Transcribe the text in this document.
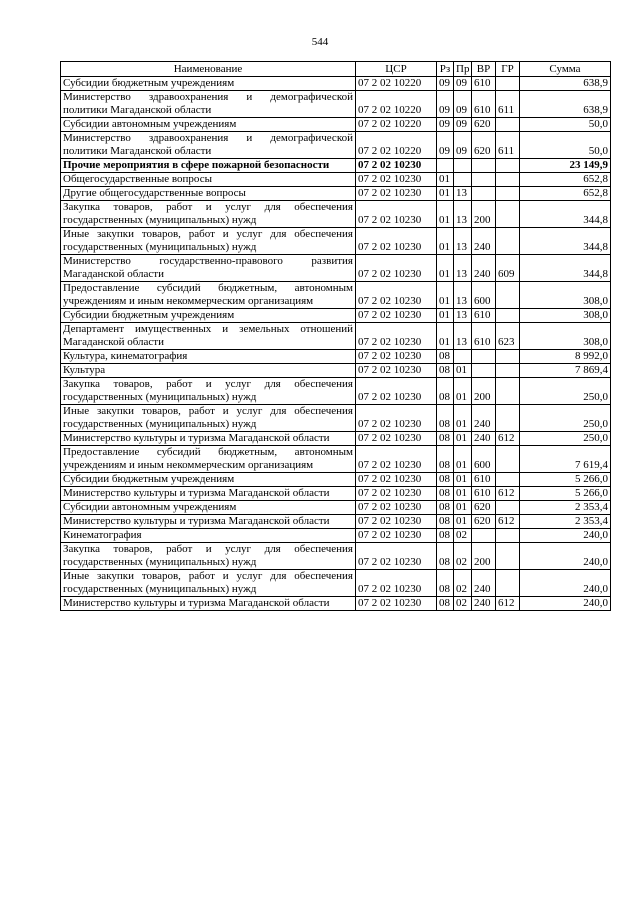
544
Наименование	ЦСР	Рз	Пр	ВР	ГР	Сумма
Субсидии бюджетным учреждениям	07 2 02 10220	09	09	610		638,9
Министерство здравоохранения и демографической политики Магаданской области	07 2 02 10220	09	09	610	611	638,9
Субсидии автономным учреждениям	07 2 02 10220	09	09	620		50,0
Министерство здравоохранения и демографической политики Магаданской области	07 2 02 10220	09	09	620	611	50,0
Прочие мероприятия в сфере пожарной безопасности	07 2 02 10230					23 149,9
Общегосударственные вопросы	07 2 02 10230	01				652,8
Другие общегосударственные вопросы	07 2 02 10230	01	13			652,8
Закупка товаров, работ и услуг для обеспечения государственных (муниципальных) нужд	07 2 02 10230	01	13	200		344,8
Иные закупки товаров, работ и услуг для обеспечения государственных (муниципальных) нужд	07 2 02 10230	01	13	240		344,8
Министерство государственно-правового развития Магаданской области	07 2 02 10230	01	13	240	609	344,8
Предоставление субсидий бюджетным, автономным учреждениям и иным некоммерческим организациям	07 2 02 10230	01	13	600		308,0
Субсидии бюджетным учреждениям	07 2 02 10230	01	13	610		308,0
Департамент имущественных и земельных отношений Магаданской области	07 2 02 10230	01	13	610	623	308,0
Культура, кинематография	07 2 02 10230	08				8 992,0
Культура	07 2 02 10230	08	01			7 869,4
Закупка товаров, работ и услуг для обеспечения государственных (муниципальных) нужд	07 2 02 10230	08	01	200		250,0
Иные закупки товаров, работ и услуг для обеспечения государственных (муниципальных) нужд	07 2 02 10230	08	01	240		250,0
Министерство культуры и туризма Магаданской области	07 2 02 10230	08	01	240	612	250,0
Предоставление субсидий бюджетным, автономным учреждениям и иным некоммерческим организациям	07 2 02 10230	08	01	600		7 619,4
Субсидии бюджетным учреждениям	07 2 02 10230	08	01	610		5 266,0
Министерство культуры и туризма Магаданской области	07 2 02 10230	08	01	610	612	5 266,0
Субсидии автономным учреждениям	07 2 02 10230	08	01	620		2 353,4
Министерство культуры и туризма Магаданской области	07 2 02 10230	08	01	620	612	2 353,4
Кинематография	07 2 02 10230	08	02			240,0
Закупка товаров, работ и услуг для обеспечения государственных (муниципальных) нужд	07 2 02 10230	08	02	200		240,0
Иные закупки товаров, работ и услуг для обеспечения государственных (муниципальных) нужд	07 2 02 10230	08	02	240		240,0
Министерство культуры и туризма Магаданской области	07 2 02 10230	08	02	240	612	240,0
